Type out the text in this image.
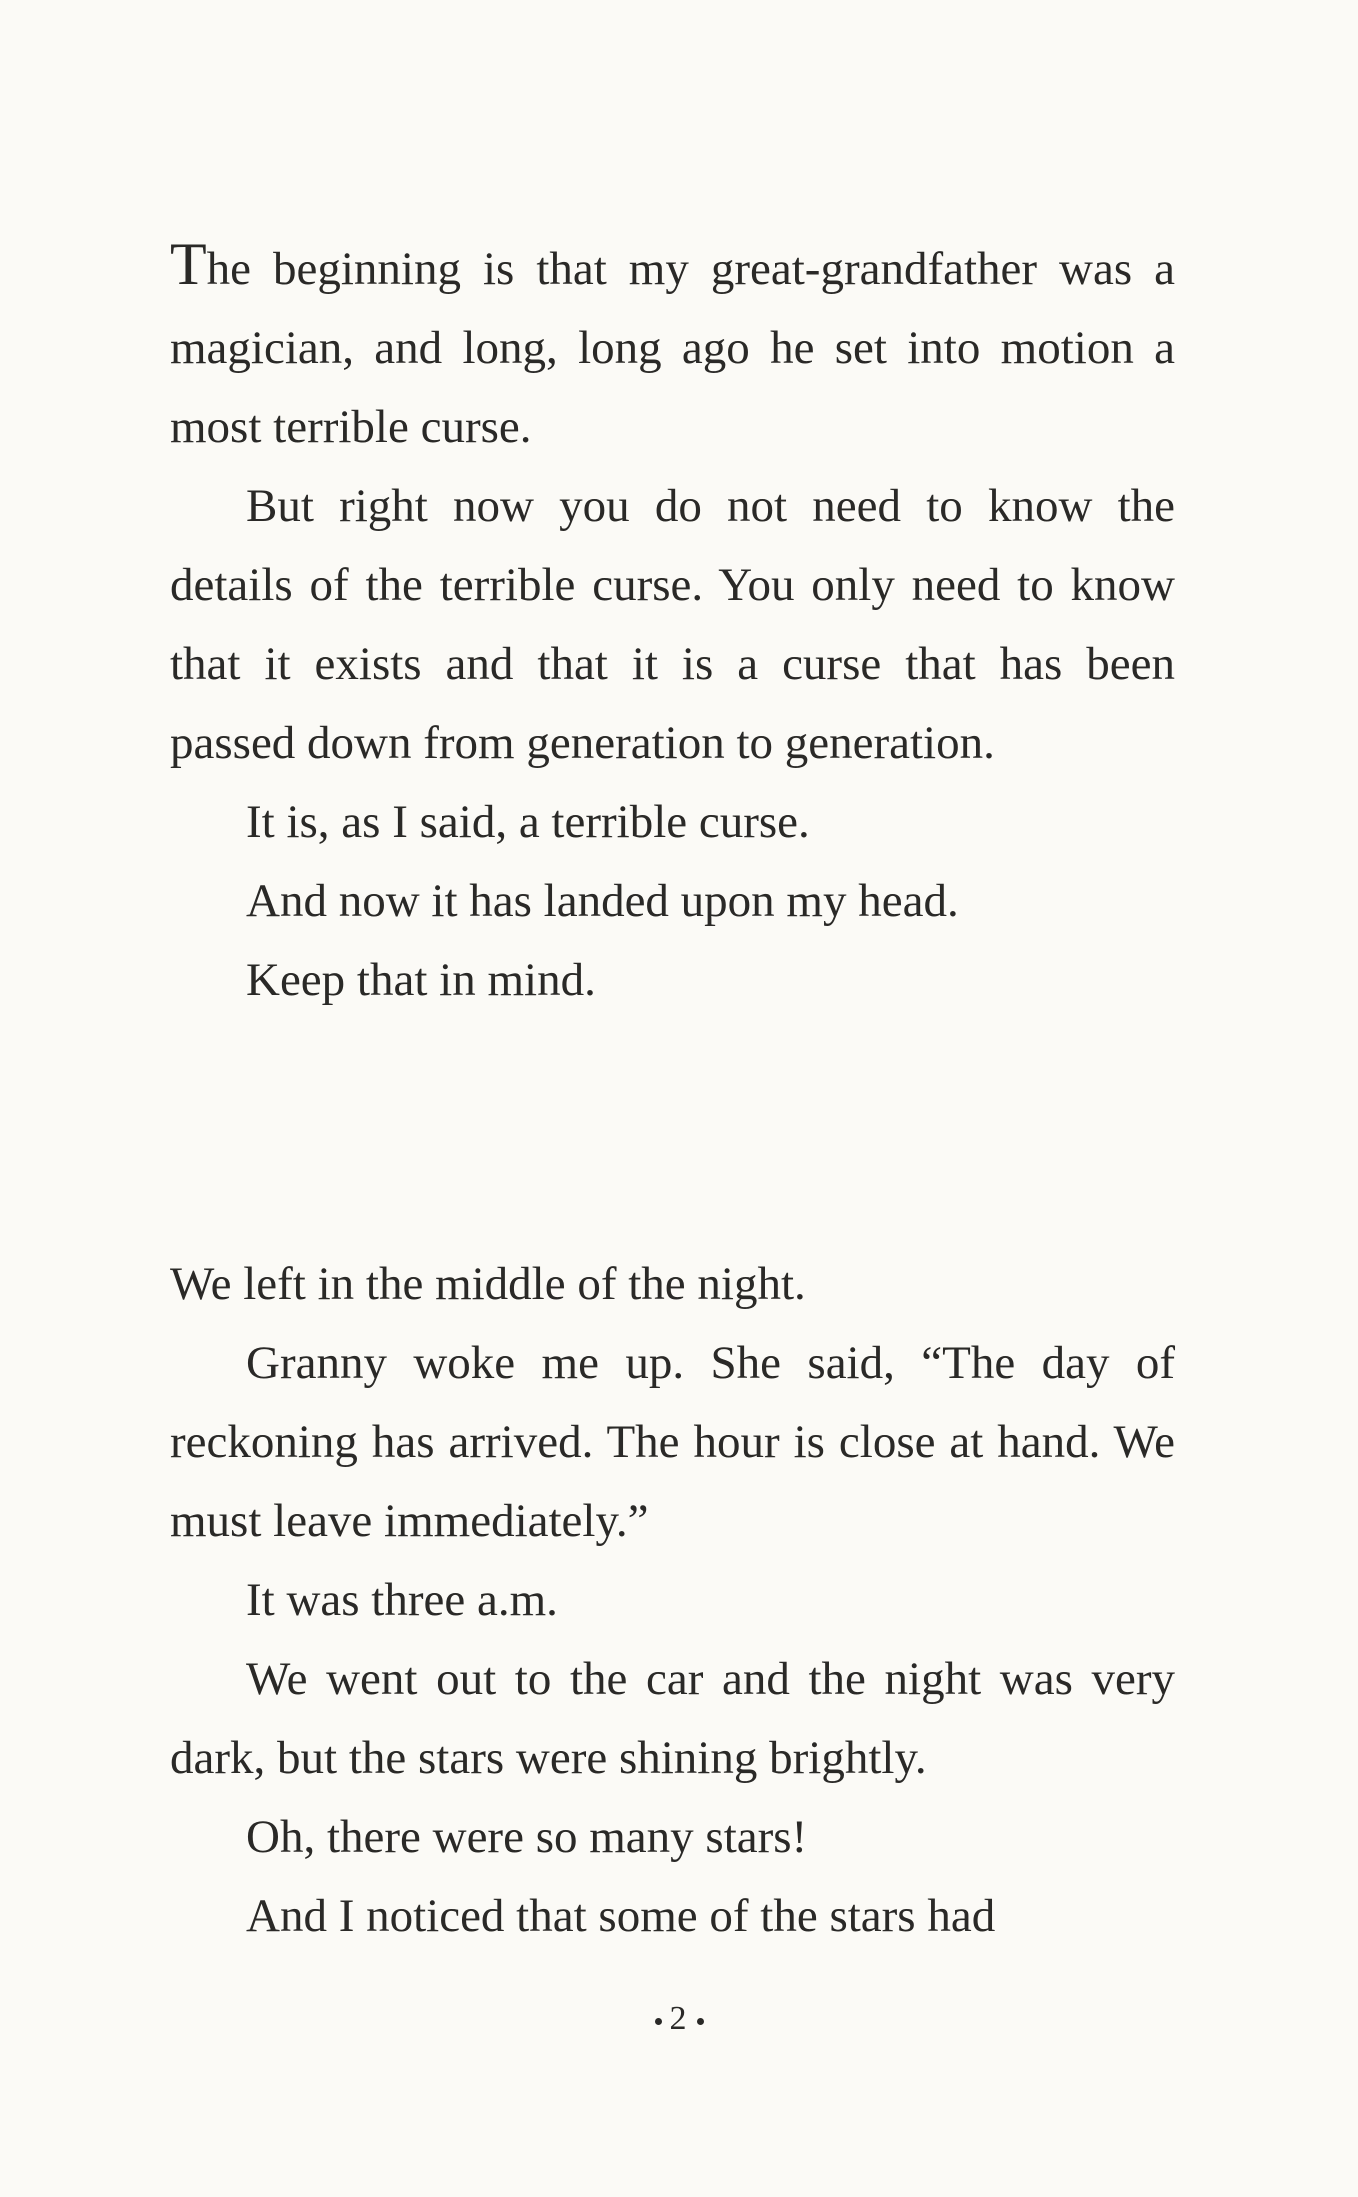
The beginning is that my great-grandfather was a magician, and long, long ago he set into motion a most terrible curse.

But right now you do not need to know the details of the terrible curse. You only need to know that it exists and that it is a curse that has been passed down from generation to generation.

It is, as I said, a terrible curse.

And now it has landed upon my head.

Keep that in mind.

We left in the middle of the night.

Granny woke me up. She said, “The day of reckoning has arrived. The hour is close at hand. We must leave immediately.”

It was three a.m.

We went out to the car and the night was very dark, but the stars were shining brightly.

Oh, there were so many stars!

And I noticed that some of the stars had

2
